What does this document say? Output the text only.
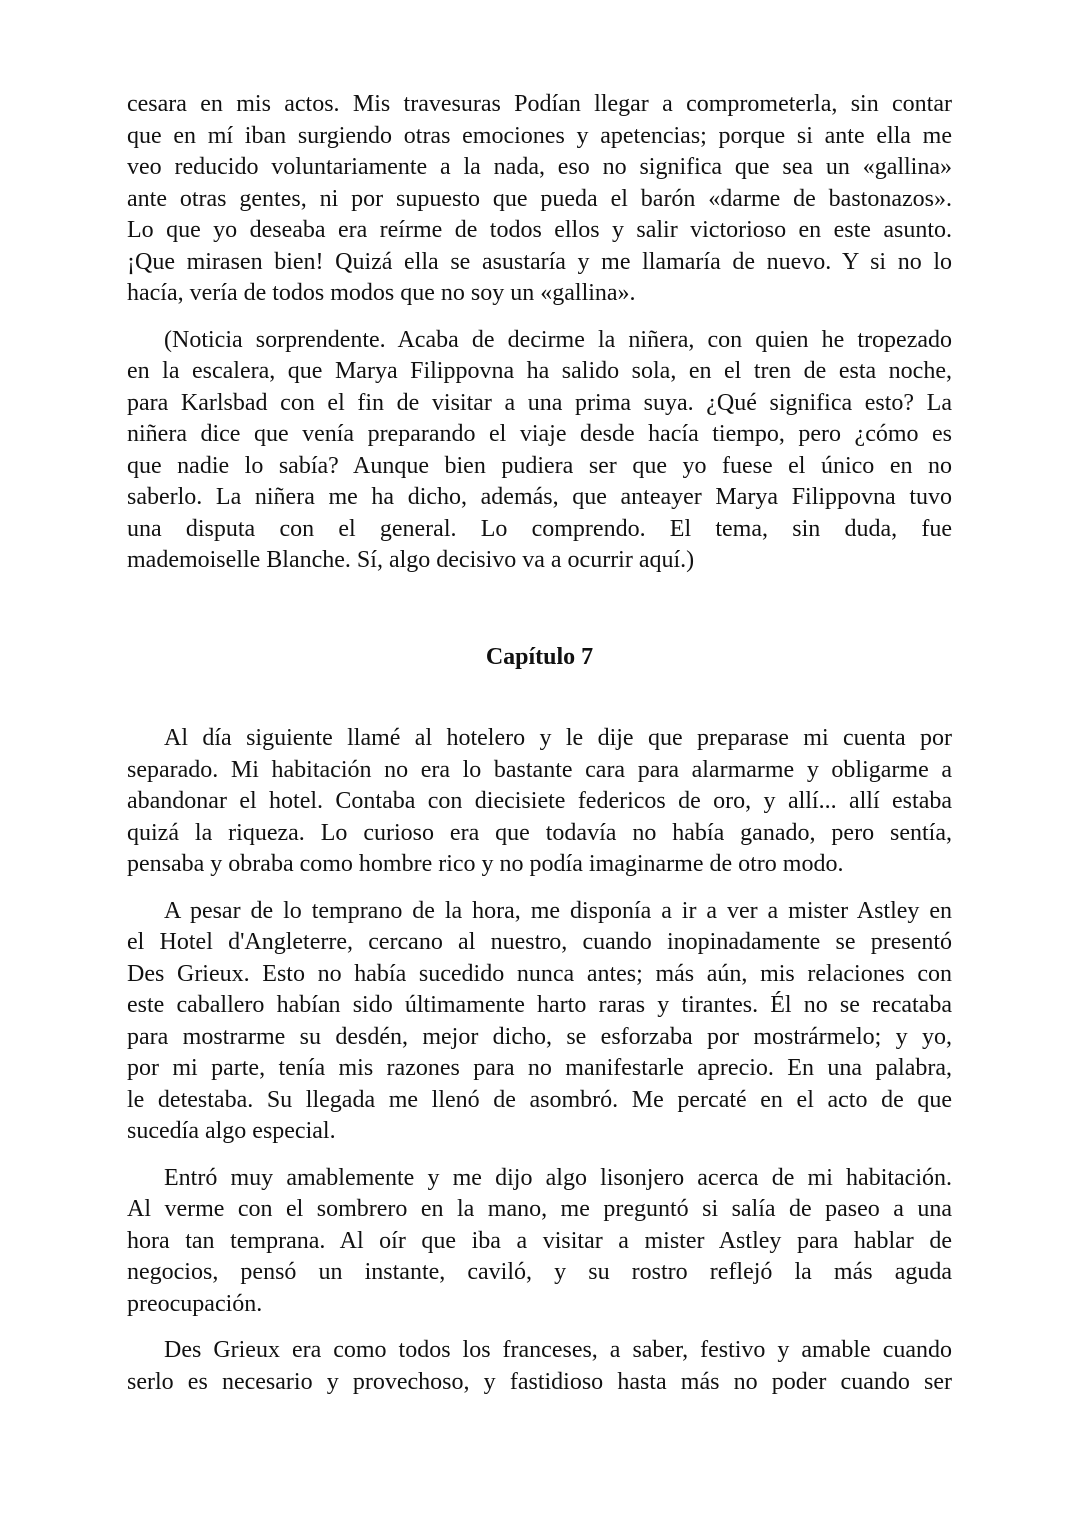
cesara en mis actos. Mis travesuras Podían llegar a comprometerla, sin contar
que en mí iban surgiendo otras emociones y apetencias; porque si ante ella me
veo reducido voluntariamente a la nada, eso no significa que sea un «gallina»
ante otras gentes, ni por supuesto que pueda el barón «darme de bastonazos».
Lo que yo deseaba era reírme de todos ellos y salir victorioso en este asunto.
¡Que mirasen bien! Quizá ella se asustaría y me llamaría de nuevo. Y si no lo
hacía, vería de todos modos que no soy un «gallina».
(Noticia sorprendente. Acaba de decirme la niñera, con quien he tropezado
en la escalera, que Marya Filippovna ha salido sola, en el tren de esta noche,
para Karlsbad con el fin de visitar a una prima suya. ¿Qué significa esto? La
niñera dice que venía preparando el viaje desde hacía tiempo, pero ¿cómo es
que nadie lo sabía? Aunque bien pudiera ser que yo fuese el único en no
saberlo. La niñera me ha dicho, además, que anteayer Marya Filippovna tuvo
una disputa con el general. Lo comprendo. El tema, sin duda, fue
mademoiselle Blanche. Sí, algo decisivo va a ocurrir aquí.)
Capítulo 7
Al día siguiente llamé al hotelero y le dije que preparase mi cuenta por
separado. Mi habitación no era lo bastante cara para alarmarme y obligarme a
abandonar el hotel. Contaba con diecisiete federicos de oro, y allí... allí estaba
quizá la riqueza. Lo curioso era que todavía no había ganado, pero sentía,
pensaba y obraba como hombre rico y no podía imaginarme de otro modo.
A pesar de lo temprano de la hora, me disponía a ir a ver a mister Astley en
el Hotel d'Angleterre, cercano al nuestro, cuando inopinadamente se presentó
Des Grieux. Esto no había sucedido nunca antes; más aún, mis relaciones con
este caballero habían sido últimamente harto raras y tirantes. Él no se recataba
para mostrarme su desdén, mejor dicho, se esforzaba por mostrármelo; y yo,
por mi parte, tenía mis razones para no manifestarle aprecio. En una palabra,
le detestaba. Su llegada me llenó de asombró. Me percaté en el acto de que
sucedía algo especial.
Entró muy amablemente y me dijo algo lisonjero acerca de mi habitación.
Al verme con el sombrero en la mano, me preguntó si salía de paseo a una
hora tan temprana. Al oír que iba a visitar a mister Astley para hablar de
negocios, pensó un instante, caviló, y su rostro reflejó la más aguda
preocupación.
Des Grieux era como todos los franceses, a saber, festivo y amable cuando
serlo es necesario y provechoso, y fastidioso hasta más no poder cuando ser
